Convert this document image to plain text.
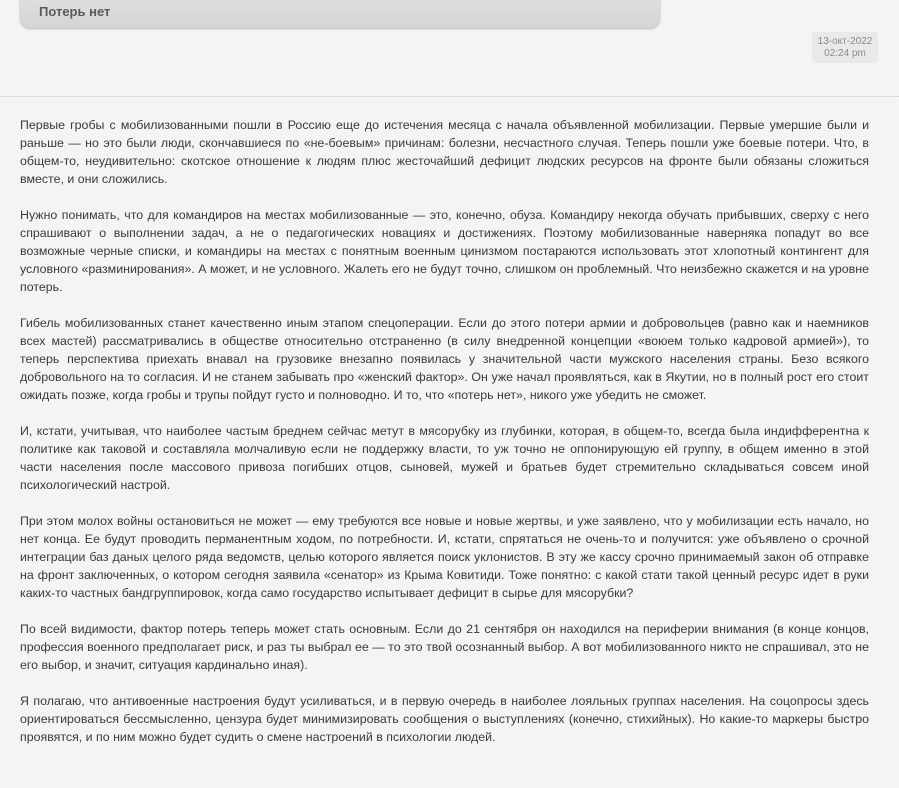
Потерь нет
13-окт-2022
02:24 pm

Первые гробы с мобилизованными пошли в Россию еще до истечения месяца с начала объявленной мобилизации. Первые умершие были и раньше — но это были люди, скончавшиеся по «не-боевым» причинам: болезни, несчастного случая. Теперь пошли уже боевые потери. Что, в общем-то, неудивительно: скотское отношение к людям плюс жесточайший дефицит людских ресурсов на фронте были обязаны сложиться вместе, и они сложились.

Нужно понимать, что для командиров на местах мобилизованные — это, конечно, обуза. Командиру некогда обучать прибывших, сверху с него спрашивают о выполнении задач, а не о педагогических новациях и достижениях. Поэтому мобилизованные наверняка попадут во все возможные черные списки, и командиры на местах с понятным военным цинизмом постараются использовать этот хлопотный контингент для условного «разминирования». А может, и не условного. Жалеть его не будут точно, слишком он проблемный. Что неизбежно скажется и на уровне потерь.

Гибель мобилизованных станет качественно иным этапом спецоперации. Если до этого потери армии и добровольцев (равно как и наемников всех мастей) рассматривались в обществе относительно отстраненно (в силу внедренной концепции «воюем только кадровой армией»), то теперь перспектива приехать внавал на грузовике внезапно появилась у значительной части мужского населения страны. Безо всякого добровольного на то согласия. И не станем забывать про «женский фактор». Он уже начал проявляться, как в Якутии, но в полный рост его стоит ожидать позже, когда гробы и трупы пойдут густо и полноводно. И то, что «потерь нет», никого уже убедить не сможет.

И, кстати, учитывая, что наиболее частым бреднем сейчас метут в мясорубку из глубинки, которая, в общем-то, всегда была индифферентна к политике как таковой и составляла молчаливую если не поддержку власти, то уж точно не оппонирующую ей группу, в общем именно в этой части населения после массового привоза погибших отцов, сыновей, мужей и братьев будет стремительно складываться совсем иной психологический настрой.

При этом молох войны остановиться не может — ему требуются все новые и новые жертвы, и уже заявлено, что у мобилизации есть начало, но нет конца. Ее будут проводить перманентным ходом, по потребности. И, кстати, спрятаться не очень-то и получится: уже объявлено о срочной интеграции баз даных целого ряда ведомств, целью которого является поиск уклонистов. В эту же кассу срочно принимаемый закон об отправке на фронт заключенных, о котором сегодня заявила «сенатор» из Крыма Ковитиди. Тоже понятно: с какой стати такой ценный ресурс идет в руки каких-то частных бандгруппировок, когда само государство испытывает дефицит в сырье для мясорубки?

По всей видимости, фактор потерь теперь может стать основным. Если до 21 сентября он находился на периферии внимания (в конце концов, профессия военного предполагает риск, и раз ты выбрал ее — то это твой осознанный выбор. А вот мобилизованного никто не спрашивал, это не его выбор, и значит, ситуация кардинально иная).

Я полагаю, что антивоенные настроения будут усиливаться, и в первую очередь в наиболее лояльных группах населения. На соцопросы здесь ориентироваться бессмысленно, цензура будет минимизировать сообщения о выступлениях (конечно, стихийных). Но какие-то маркеры быстро проявятся, и по ним можно будет судить о смене настроений в психологии людей.
